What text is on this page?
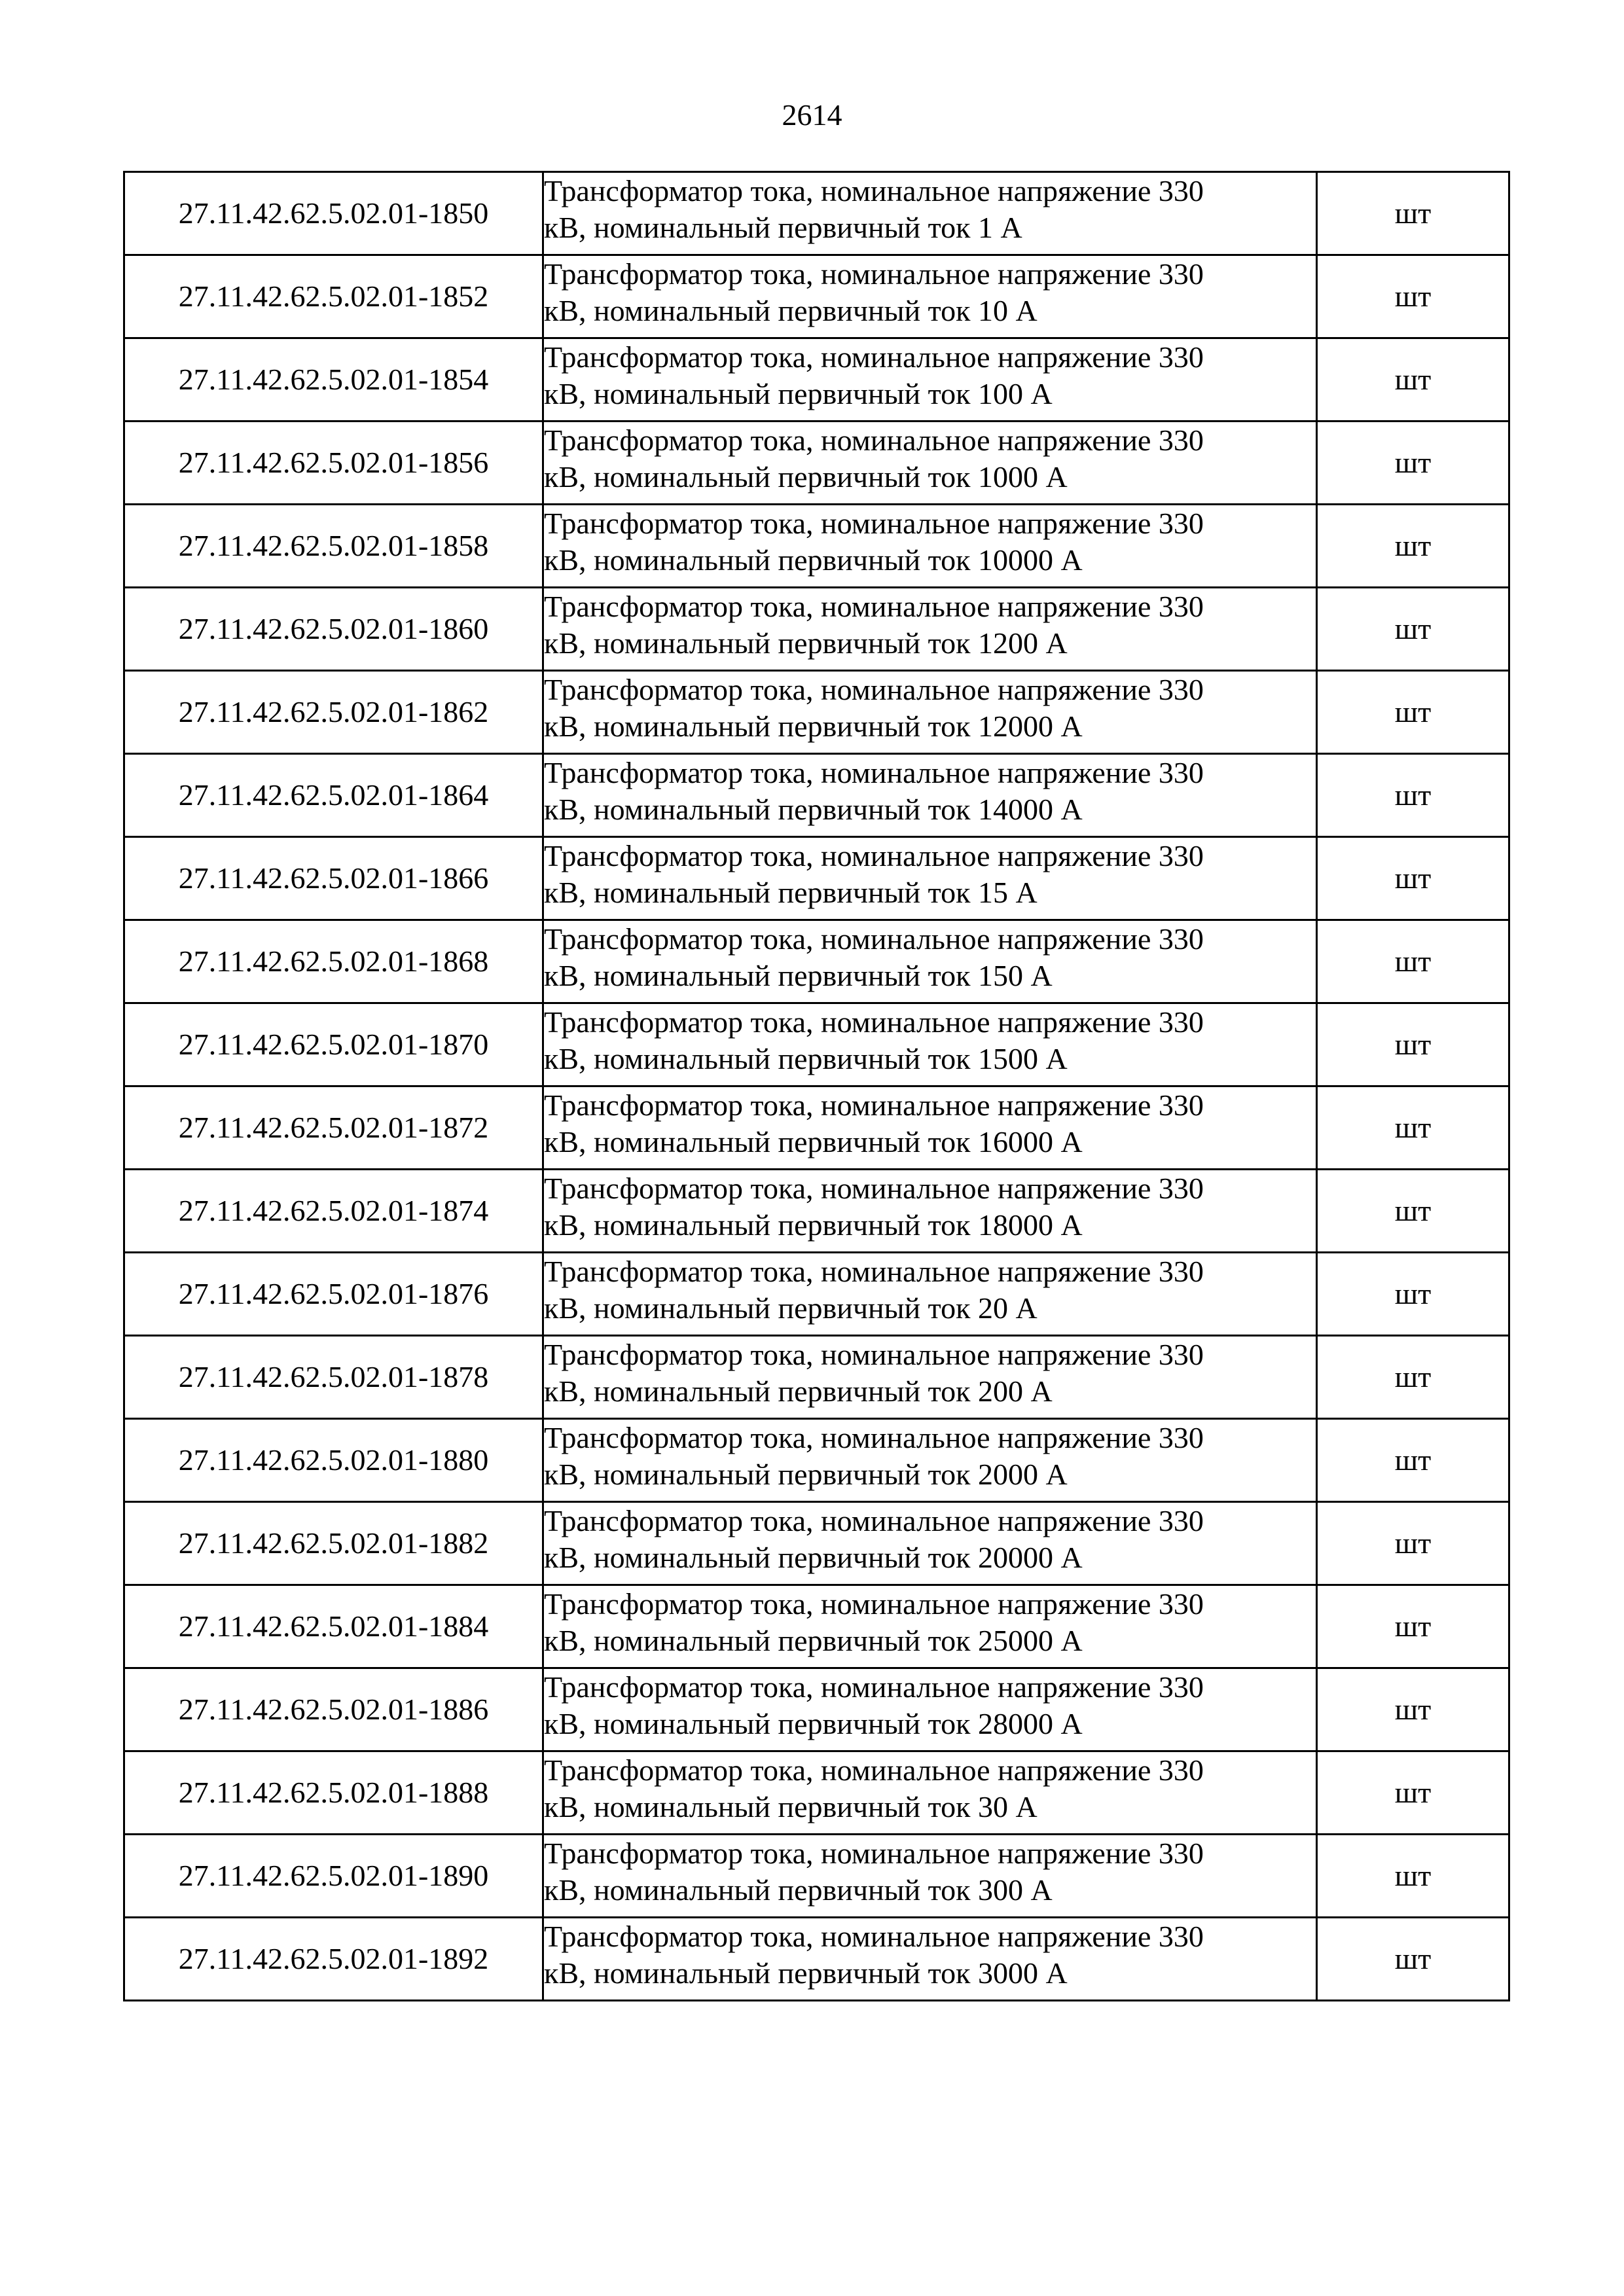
2614
27.11.42.62.5.02.01-1850	Трансформатор тока, номинальное напряжение 330
кВ, номинальный первичный ток 1 А	шт
27.11.42.62.5.02.01-1852	Трансформатор тока, номинальное напряжение 330
кВ, номинальный первичный ток 10 А	шт
27.11.42.62.5.02.01-1854	Трансформатор тока, номинальное напряжение 330
кВ, номинальный первичный ток 100 А	шт
27.11.42.62.5.02.01-1856	Трансформатор тока, номинальное напряжение 330
кВ, номинальный первичный ток 1000 А	шт
27.11.42.62.5.02.01-1858	Трансформатор тока, номинальное напряжение 330
кВ, номинальный первичный ток 10000 А	шт
27.11.42.62.5.02.01-1860	Трансформатор тока, номинальное напряжение 330
кВ, номинальный первичный ток 1200 А	шт
27.11.42.62.5.02.01-1862	Трансформатор тока, номинальное напряжение 330
кВ, номинальный первичный ток 12000 А	шт
27.11.42.62.5.02.01-1864	Трансформатор тока, номинальное напряжение 330
кВ, номинальный первичный ток 14000 А	шт
27.11.42.62.5.02.01-1866	Трансформатор тока, номинальное напряжение 330
кВ, номинальный первичный ток 15 А	шт
27.11.42.62.5.02.01-1868	Трансформатор тока, номинальное напряжение 330
кВ, номинальный первичный ток 150 А	шт
27.11.42.62.5.02.01-1870	Трансформатор тока, номинальное напряжение 330
кВ, номинальный первичный ток 1500 А	шт
27.11.42.62.5.02.01-1872	Трансформатор тока, номинальное напряжение 330
кВ, номинальный первичный ток 16000 А	шт
27.11.42.62.5.02.01-1874	Трансформатор тока, номинальное напряжение 330
кВ, номинальный первичный ток 18000 А	шт
27.11.42.62.5.02.01-1876	Трансформатор тока, номинальное напряжение 330
кВ, номинальный первичный ток 20 А	шт
27.11.42.62.5.02.01-1878	Трансформатор тока, номинальное напряжение 330
кВ, номинальный первичный ток 200 А	шт
27.11.42.62.5.02.01-1880	Трансформатор тока, номинальное напряжение 330
кВ, номинальный первичный ток 2000 А	шт
27.11.42.62.5.02.01-1882	Трансформатор тока, номинальное напряжение 330
кВ, номинальный первичный ток 20000 А	шт
27.11.42.62.5.02.01-1884	Трансформатор тока, номинальное напряжение 330
кВ, номинальный первичный ток 25000 А	шт
27.11.42.62.5.02.01-1886	Трансформатор тока, номинальное напряжение 330
кВ, номинальный первичный ток 28000 А	шт
27.11.42.62.5.02.01-1888	Трансформатор тока, номинальное напряжение 330
кВ, номинальный первичный ток 30 А	шт
27.11.42.62.5.02.01-1890	Трансформатор тока, номинальное напряжение 330
кВ, номинальный первичный ток 300 А	шт
27.11.42.62.5.02.01-1892	Трансформатор тока, номинальное напряжение 330
кВ, номинальный первичный ток 3000 А	шт
